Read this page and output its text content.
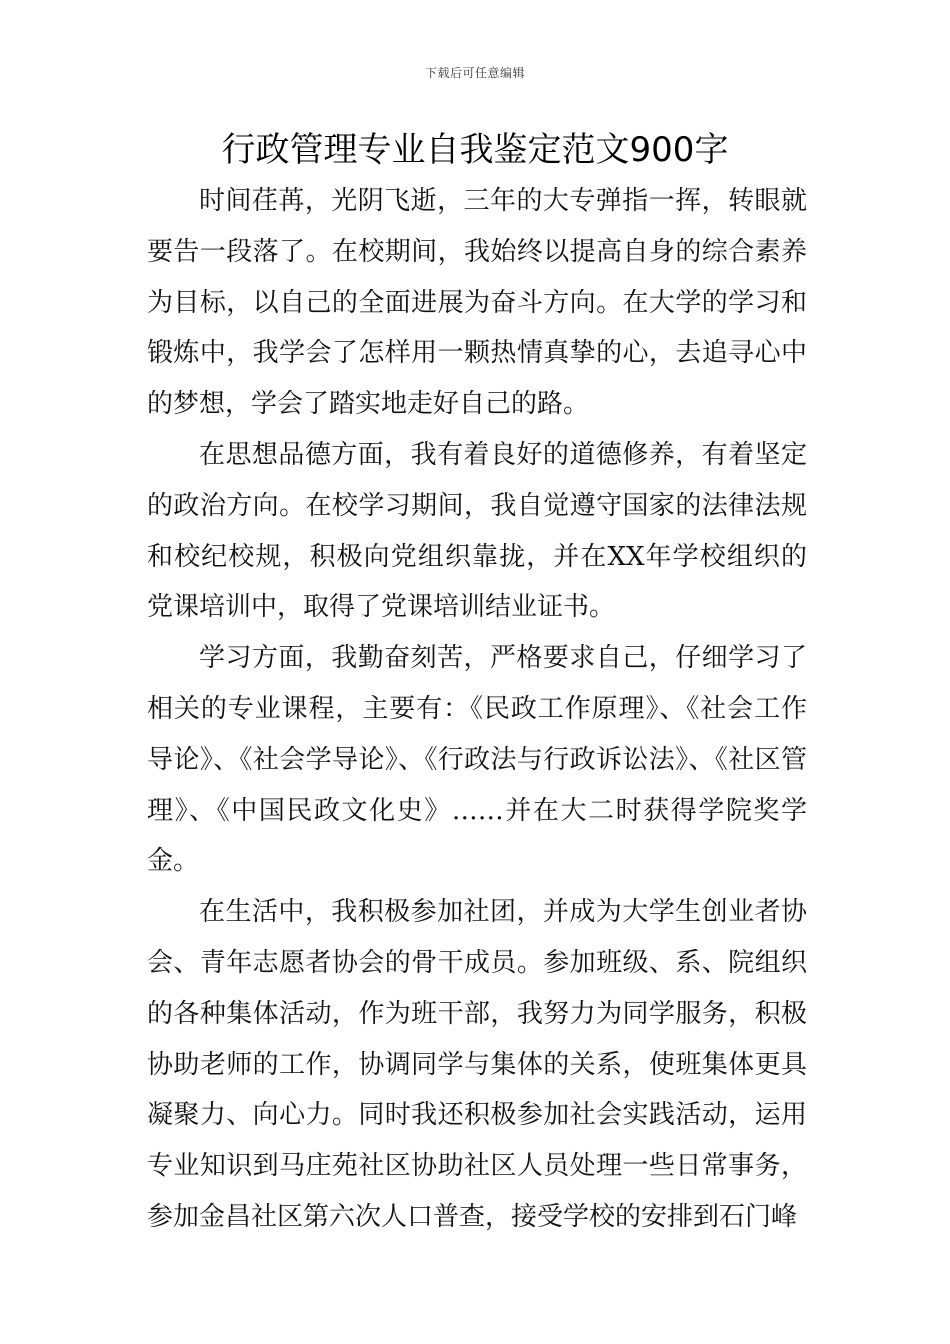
下载后可任意编辑
行政管理专业自我鉴定范文900字

时间荏苒，光阴飞逝，三年的大专弹指一挥，转眼就要告一段落了。在校期间，我始终以提高自身的综合素养为目标，以自己的全面进展为奋斗方向。在大学的学习和锻炼中，我学会了怎样用一颗热情真挚的心，去追寻心中的梦想，学会了踏实地走好自己的路。

在思想品德方面，我有着良好的道德修养，有着坚定的政治方向。在校学习期间，我自觉遵守国家的法律法规和校纪校规，积极向党组织靠拢，并在XX年学校组织的党课培训中，取得了党课培训结业证书。

学习方面，我勤奋刻苦，严格要求自己，仔细学习了相关的专业课程，主要有：《民政工作原理》、《社会工作导论》、《社会学导论》、《行政法与行政诉讼法》、《社区管理》、《中国民政文化史》……并在大二时获得学院奖学金。

在生活中，我积极参加社团，并成为大学生创业者协会、青年志愿者协会的骨干成员。参加班级、系、院组织的各种集体活动，作为班干部，我努力为同学服务，积极协助老师的工作，协调同学与集体的关系，使班集体更具凝聚力、向心力。同时我还积极参加社会实践活动，运用专业知识到马庄苑社区协助社区人员处理一些日常事务，参加金昌社区第六次人口普查，接受学校的安排到石门峰
